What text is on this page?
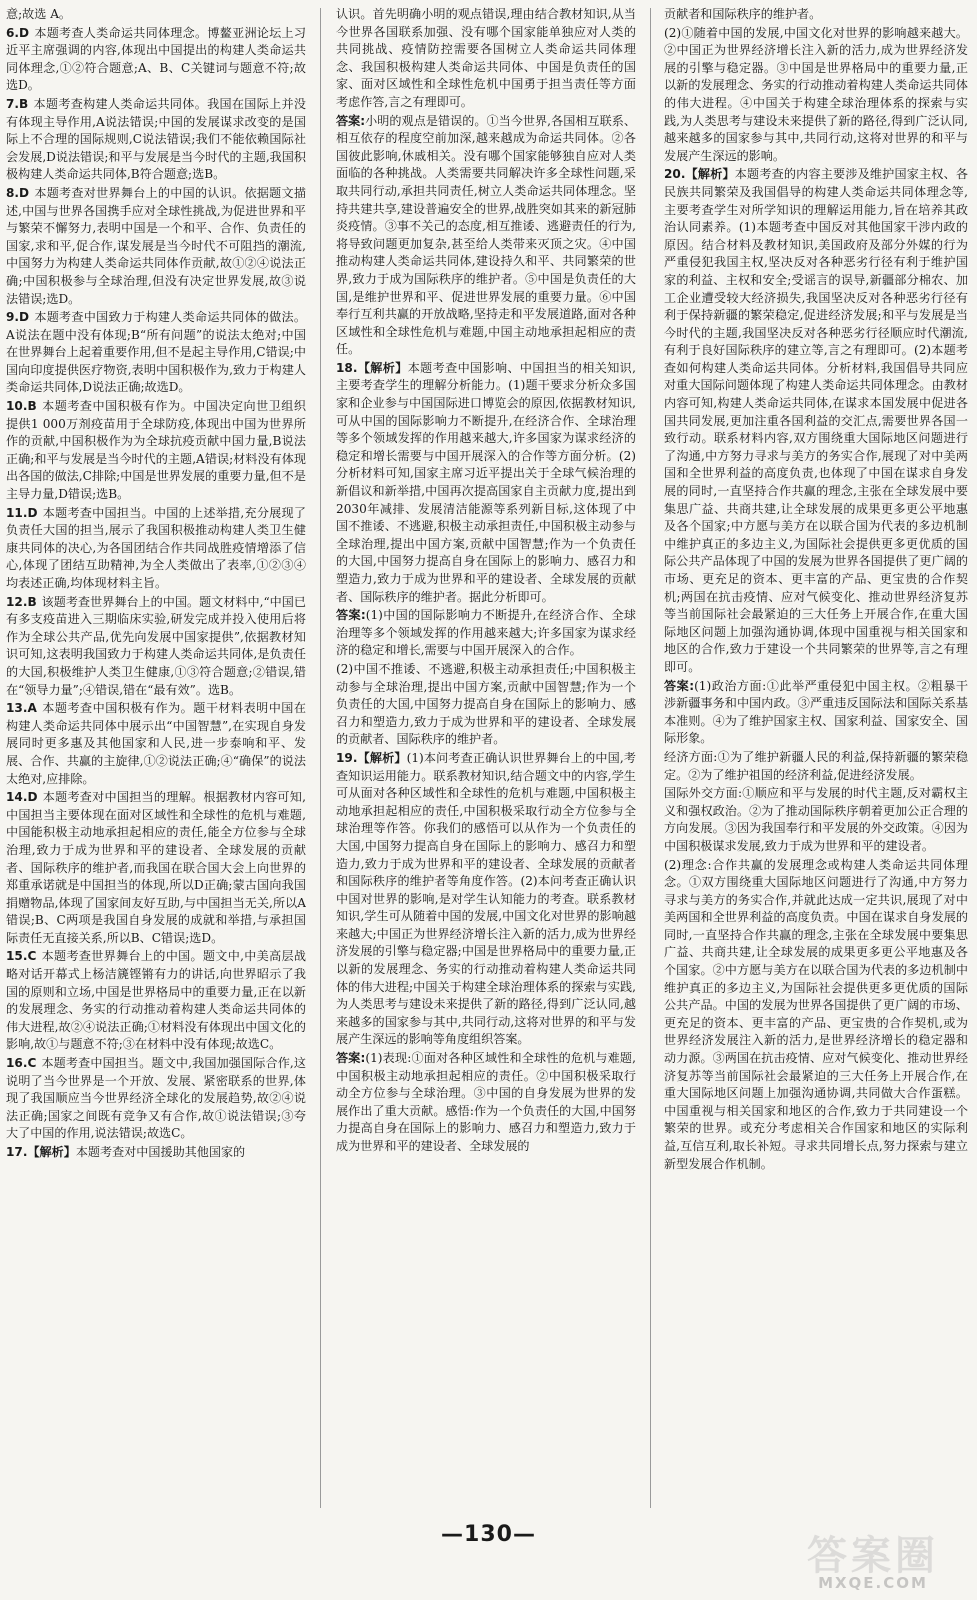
意;故选 A。
6.D 本题考查人类命运共同体理念。博鳌亚洲论坛上习近平主席强调的内容,体现出中国提出的构建人类命运共同体理念,①②符合题意;A、B、C关键词与题意不符;故选D。
7.B 本题考查构建人类命运共同体。我国在国际上并没有体现主导作用,A说法错误;中国的发展谋求改变的是国际上不合理的国际规则,C说法错误;我们不能依赖国际社会发展,D说法错误;和平与发展是当今时代的主题,我国积极构建人类命运共同体,B符合题意;选B。
8.D 本题考查对世界舞台上的中国的认识。依据题文描述,中国与世界各国携手应对全球性挑战,为促进世界和平与繁荣不懈努力,表明中国是一个和平、合作、负责任的国家,求和平,促合作,谋发展是当今时代不可阻挡的潮流,中国努力为构建人类命运共同体作贡献,故①②④说法正确;中国积极参与全球治理,但没有决定世界发展,故③说法错误;选D。
9.D 本题考查中国致力于构建人类命运共同体的做法。A说法在题中没有体现;B“所有问题”的说法太绝对;中国在世界舞台上起着重要作用,但不是起主导作用,C错误;中国向印度提供医疗物资,表明中国积极作为,致力于构建人类命运共同体,D说法正确;故选D。
10.B 本题考查中国积极有作为。中国决定向世卫组织提供1 000万剂疫苗用于全球防疫,体现出中国为世界所作的贡献,中国积极作为为全球抗疫贡献中国力量,B说法正确;和平与发展是当今时代的主题,A错误;材料没有体现出各国的做法,C排除;中国是世界发展的重要力量,但不是主导力量,D错误;选B。
11.D 本题考查中国担当。中国的上述举措,充分展现了负责任大国的担当,展示了我国积极推动构建人类卫生健康共同体的决心,为各国团结合作共同战胜疫情增添了信心,体现了团结互助精神,为全人类做出了表率,①②③④均表述正确,均体现材料主旨。
12.B 该题考查世界舞台上的中国。题文材料中,“中国已有多支疫苗进入三期临床实验,研发完成并投入使用后将作为全球公共产品,优先向发展中国家提供”,依据教材知识可知,这表明我国致力于构建人类命运共同体,是负责任的大国,积极维护人类卫生健康,①③符合题意;②错误,错在“领导力量”;④错误,错在“最有效”。选B。
13.A 本题考查中国积极有作为。题干材料表明中国在构建人类命运共同体中展示出“中国智慧”,在实现自身发展同时更多惠及其他国家和人民,进一步泰响和平、发展、合作、共赢的主旋律,①②说法正确;④“确保”的说法太绝对,应排除。
14.D 本题考查对中国担当的理解。根据教材内容可知,中国担当主要体现在面对区域性和全球性的危机与难题,中国能积极主动地承担起相应的责任,能全方位参与全球治理,致力于成为世界和平的建设者、全球发展的贡献者、国际秩序的维护者,而我国在联合国大会上向世界的郑重承诺就是中国担当的体现,所以D正确;蒙古国向我国捐赠物品,体现了国家间友好互助,与中国担当无关,所以A错误;B、C两项是我国自身发展的成就和举措,与承担国际责任无直接关系,所以B、C错误;选D。
15.C 本题考查世界舞台上的中国。题文中,中美高层战略对话开幕式上杨洁篪铿锵有力的讲话,向世界昭示了我国的原则和立场,中国是世界格局中的重要力量,正在以新的发展理念、务实的行动推动着构建人类命运共同体的伟大进程,故②④说法正确;①材料没有体现出中国文化的影响,故①与题意不符;③在材料中没有体现;故选C。
16.C 本题考查中国担当。题文中,我国加强国际合作,这说明了当今世界是一个开放、发展、紧密联系的世界,体现了我国顺应当今世界经济全球化的发展趋势,故②④说法正确;国家之间既有竞争又有合作,故①说法错误;③夸大了中国的作用,说法错误;故选C。
17.【解析】本题考查对中国援助其他国家的
认识。首先明确小明的观点错误,理由结合教材知识,从当今世界各国联系加强、没有哪个国家能单独应对人类的共同挑战、疫情防控需要各国树立人类命运共同体理念、我国积极构建人类命运共同体、中国是负责任的国家、面对区域性和全球性危机中国勇于担当责任等方面考虑作答,言之有理即可。
答案:小明的观点是错误的。①当今世界,各国相互联系、相互依存的程度空前加深,越来越成为命运共同体。②各国彼此影响,休戚相关。没有哪个国家能够独自应对人类面临的各种挑战。人类需要共同解决许多全球性问题,采取共同行动,承担共同责任,树立人类命运共同体理念。坚持共建共享,建设普遍安全的世界,战胜突如其来的新冠肺炎疫情。③事不关己的态度,相互推诿、逃避责任的行为,将导致问题更加复杂,甚至给人类带来灭顶之灾。④中国推动构建人类命运共同体,建设持久和平、共同繁荣的世界,致力于成为国际秩序的维护者。⑤中国是负责任的大国,是维护世界和平、促进世界发展的重要力量。⑥中国奉行互利共赢的开放战略,坚持走和平发展道路,面对各种区域性和全球性危机与难题,中国主动地承担起相应的责任。
18.【解析】本题考查中国影响、中国担当的相关知识,主要考查学生的理解分析能力。(1)题干要求分析众多国家和企业参与中国国际进口博览会的原因,依据教材知识,可从中国的国际影响力不断提升,在经济合作、全球治理等多个领域发挥的作用越来越大,许多国家为谋求经济的稳定和增长需要与中国开展深入的合作等方面分析。(2)分析材料可知,国家主席习近平提出关于全球气候治理的新倡议和新举措,中国再次提高国家自主贡献力度,提出到2030年减排、发展清洁能源等系列新目标,这体现了中国不推诿、不逃避,积极主动承担责任,中国积极主动参与全球治理,提出中国方案,贡献中国智慧;作为一个负责任的大国,中国努力提高自身在国际上的影响力、感召力和塑造力,致力于成为世界和平的建设者、全球发展的贡献者、国际秩序的维护者。据此分析即可。
答案:(1)中国的国际影响力不断提升,在经济合作、全球治理等多个领域发挥的作用越来越大;许多国家为谋求经济的稳定和增长,需要与中国开展深入的合作。
(2)中国不推诿、不逃避,积极主动承担责任;中国积极主动参与全球治理,提出中国方案,贡献中国智慧;作为一个负责任的大国,中国努力提高自身在国际上的影响力、感召力和塑造力,致力于成为世界和平的建设者、全球发展的贡献者、国际秩序的维护者。
19.【解析】(1)本问考查正确认识世界舞台上的中国,考查知识运用能力。联系教材知识,结合题文中的内容,学生可从面对各种区域性和全球性的危机与难题,中国积极主动地承担起相应的责任,中国积极采取行动全方位参与全球治理等作答。你我们的感悟可以从作为一个负责任的大国,中国努力提高自身在国际上的影响力、感召力和塑造力,致力于成为世界和平的建设者、全球发展的贡献者和国际秩序的维护者等角度作答。(2)本问考查正确认识中国对世界的影响,是对学生认知能力的考查。联系教材知识,学生可从随着中国的发展,中国文化对世界的影响越来越大;中国正为世界经济增长注入新的活力,成为世界经济发展的引擎与稳定器;中国是世界格局中的重要力量,正以新的发展理念、务实的行动推动着构建人类命运共同体的伟大进程;中国关于构建全球治理体系的探索与实践,为人类思考与建设未来提供了新的路径,得到广泛认同,越来越多的国家参与其中,共同行动,这将对世界的和平与发展产生深远的影响等角度组织答案。
答案:(1)表现:①面对各种区域性和全球性的危机与难题,中国积极主动地承担起相应的责任。②中国积极采取行动全方位参与全球治理。③中国的自身发展为世界的发展作出了重大贡献。感悟:作为一个负责任的大国,中国努力提高自身在国际上的影响力、感召力和塑造力,致力于成为世界和平的建设者、全球发展的
贡献者和国际秩序的维护者。
(2)①随着中国的发展,中国文化对世界的影响越来越大。②中国正为世界经济增长注入新的活力,成为世界经济发展的引擎与稳定器。③中国是世界格局中的重要力量,正以新的发展理念、务实的行动推动着构建人类命运共同体的伟大进程。④中国关于构建全球治理体系的探索与实践,为人类思考与建设未来提供了新的路径,得到广泛认同,越来越多的国家参与其中,共同行动,这将对世界的和平与发展产生深远的影响。
20.【解析】本题考查的内容主要涉及维护国家主权、各民族共同繁荣及我国倡导的构建人类命运共同体理念等,主要考查学生对所学知识的理解运用能力,旨在培养其政治认同素养。(1)本题考查中国反对其他国家干涉内政的原因。结合材料及教材知识,美国政府及部分外媒的行为严重侵犯我国主权,坚决反对各种恶劣行径有利于维护国家的利益、主权和安全;受谣言的误导,新疆部分棉农、加工企业遭受较大经济损失,我国坚决反对各种恶劣行径有利于保持新疆的繁荣稳定,促进经济发展;和平与发展是当今时代的主题,我国坚决反对各种恶劣行径顺应时代潮流,有利于良好国际秩序的建立等,言之有理即可。(2)本题考查如何构建人类命运共同体。分析材料,我国倡导共同应对重大国际问题体现了构建人类命运共同体理念。由教材内容可知,构建人类命运共同体,在谋求本国发展中促进各国共同发展,更加注重各国利益的交汇点,需要世界各国一致行动。联系材料内容,双方围绕重大国际地区问题进行了沟通,中方努力寻求与美方的务实合作,展现了对中美两国和全世界利益的高度负责,也体现了中国在谋求自身发展的同时,一直坚持合作共赢的理念,主张在全球发展中要集思广益、共商共建,让全球发展的成果更多更公平地惠及各个国家;中方愿与美方在以联合国为代表的多边机制中维护真正的多边主义,为国际社会提供更多更优质的国际公共产品体现了中国的发展为世界各国提供了更广阔的市场、更充足的资本、更丰富的产品、更宝贵的合作契机;两国在抗击疫情、应对气候变化、推动世界经济复苏等当前国际社会最紧迫的三大任务上开展合作,在重大国际地区问题上加强沟通协调,体现中国重视与相关国家和地区的合作,致力于建设一个共同繁荣的世界等,言之有理即可。
答案:(1)政治方面:①此举严重侵犯中国主权。②粗暴干涉新疆事务和中国内政。③严重违反国际法和国际关系基本准则。④为了维护国家主权、国家利益、国家安全、国际形象。
经济方面:①为了维护新疆人民的利益,保持新疆的繁荣稳定。②为了维护祖国的经济利益,促进经济发展。
国际外交方面:①顺应和平与发展的时代主题,反对霸权主义和强权政治。②为了推动国际秩序朝着更加公正合理的方向发展。③因为我国奉行和平发展的外交政策。④因为中国积极谋求发展,致力于成为世界和平的建设者。
(2)理念:合作共赢的发展理念或构建人类命运共同体理念。①双方围绕重大国际地区问题进行了沟通,中方努力寻求与美方的务实合作,并就此达成一定共识,展现了对中美两国和全世界利益的高度负责。中国在谋求自身发展的同时,一直坚持合作共赢的理念,主张在全球发展中要集思广益、共商共建,让全球发展的成果更多更公平地惠及各个国家。②中方愿与美方在以联合国为代表的多边机制中维护真正的多边主义,为国际社会提供更多更优质的国际公共产品。中国的发展为世界各国提供了更广阔的市场、更充足的资本、更丰富的产品、更宝贵的合作契机,或为世界经济发展注入新的活力,是世界经济增长的稳定器和动力源。③两国在抗击疫情、应对气候变化、推动世界经济复苏等当前国际社会最紧迫的三大任务上开展合作,在重大国际地区问题上加强沟通协调,共同做大合作蛋糕。中国重视与相关国家和地区的合作,致力于共同建设一个繁荣的世界。或充分考虑相关合作国家和地区的实际利益,互信互利,取长补短。寻求共同增长点,努力探索与建立新型发展合作机制。
—130—	答案圈
MXQE.COM
